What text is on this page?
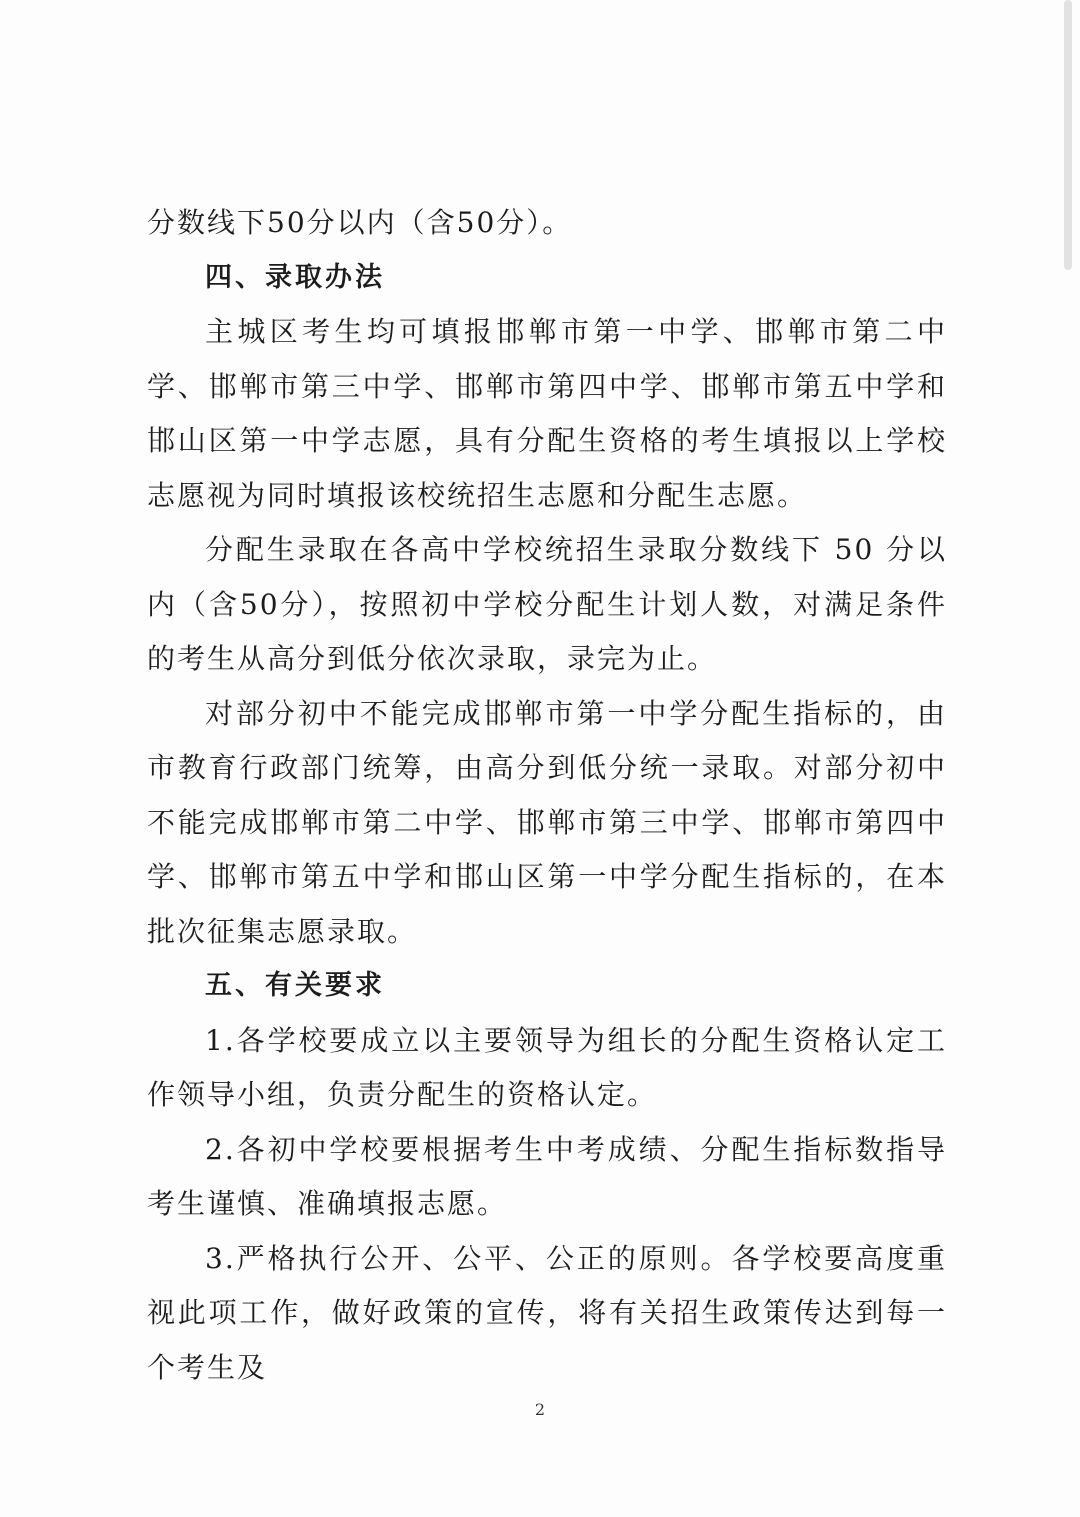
分数线下50分以内（含50分）。

四、录取办法

主城区考生均可填报邯郸市第一中学、邯郸市第二中学、邯郸市第三中学、邯郸市第四中学、邯郸市第五中学和邯山区第一中学志愿，具有分配生资格的考生填报以上学校志愿视为同时填报该校统招生志愿和分配生志愿。

分配生录取在各高中学校统招生录取分数线下 50 分以内（含50分），按照初中学校分配生计划人数，对满足条件的考生从高分到低分依次录取，录完为止。

对部分初中不能完成邯郸市第一中学分配生指标的，由市教育行政部门统筹，由高分到低分统一录取。对部分初中不能完成邯郸市第二中学、邯郸市第三中学、邯郸市第四中学、邯郸市第五中学和邯山区第一中学分配生指标的，在本批次征集志愿录取。

五、有关要求

1.各学校要成立以主要领导为组长的分配生资格认定工作领导小组，负责分配生的资格认定。

2.各初中学校要根据考生中考成绩、分配生指标数指导考生谨慎、准确填报志愿。

3.严格执行公开、公平、公正的原则。各学校要高度重视此项工作，做好政策的宣传，将有关招生政策传达到每一个考生及

2
